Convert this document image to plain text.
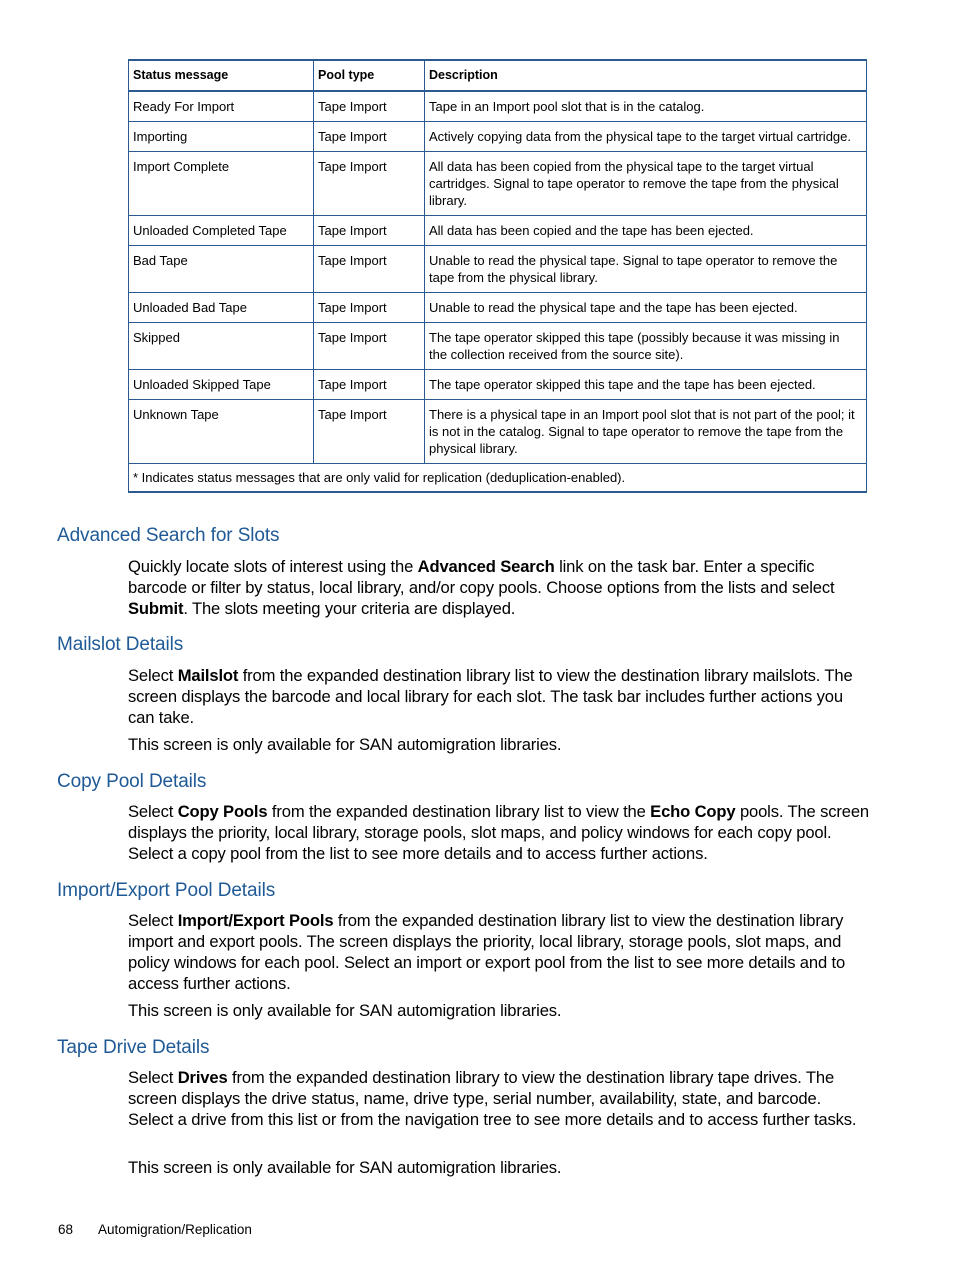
Status message	Pool type	Description
Ready For Import	Tape Import	Tape in an Import pool slot that is in the catalog.
Importing	Tape Import	Actively copying data from the physical tape to the target virtual cartridge.
Import Complete	Tape Import	All data has been copied from the physical tape to the target virtual cartridges. Signal to tape operator to remove the tape from the physical library.
Unloaded Completed Tape	Tape Import	All data has been copied and the tape has been ejected.
Bad Tape	Tape Import	Unable to read the physical tape. Signal to tape operator to remove the tape from the physical library.
Unloaded Bad Tape	Tape Import	Unable to read the physical tape and the tape has been ejected.
Skipped	Tape Import	The tape operator skipped this tape (possibly because it was missing in the collection received from the source site).
Unloaded Skipped Tape	Tape Import	The tape operator skipped this tape and the tape has been ejected.
Unknown Tape	Tape Import	There is a physical tape in an Import pool slot that is not part of the pool; it is not in the catalog. Signal to tape operator to remove the tape from the physical library.
* Indicates status messages that are only valid for replication (deduplication-enabled).		
Advanced Search for Slots

Quickly locate slots of interest using the Advanced Search link on the task bar. Enter a specific barcode or filter by status, local library, and/or copy pools. Choose options from the lists and select Submit. The slots meeting your criteria are displayed.

Mailslot Details

Select Mailslot from the expanded destination library list to view the destination library mailslots. The screen displays the barcode and local library for each slot. The task bar includes further actions you can take.

This screen is only available for SAN automigration libraries.

Copy Pool Details

Select Copy Pools from the expanded destination library list to view the Echo Copy pools. The screen displays the priority, local library, storage pools, slot maps, and policy windows for each copy pool. Select a copy pool from the list to see more details and to access further actions.

Import/Export Pool Details

Select Import/Export Pools from the expanded destination library list to view the destination library import and export pools. The screen displays the priority, local library, storage pools, slot maps, and policy windows for each pool. Select an import or export pool from the list to see more details and to access further actions.

This screen is only available for SAN automigration libraries.

Tape Drive Details

Select Drives from the expanded destination library to view the destination library tape drives. The screen displays the drive status, name, drive type, serial number, availability, state, and barcode. Select a drive from this list or from the navigation tree to see more details and to access further tasks.

This screen is only available for SAN automigration libraries.

68 Automigration/Replication
